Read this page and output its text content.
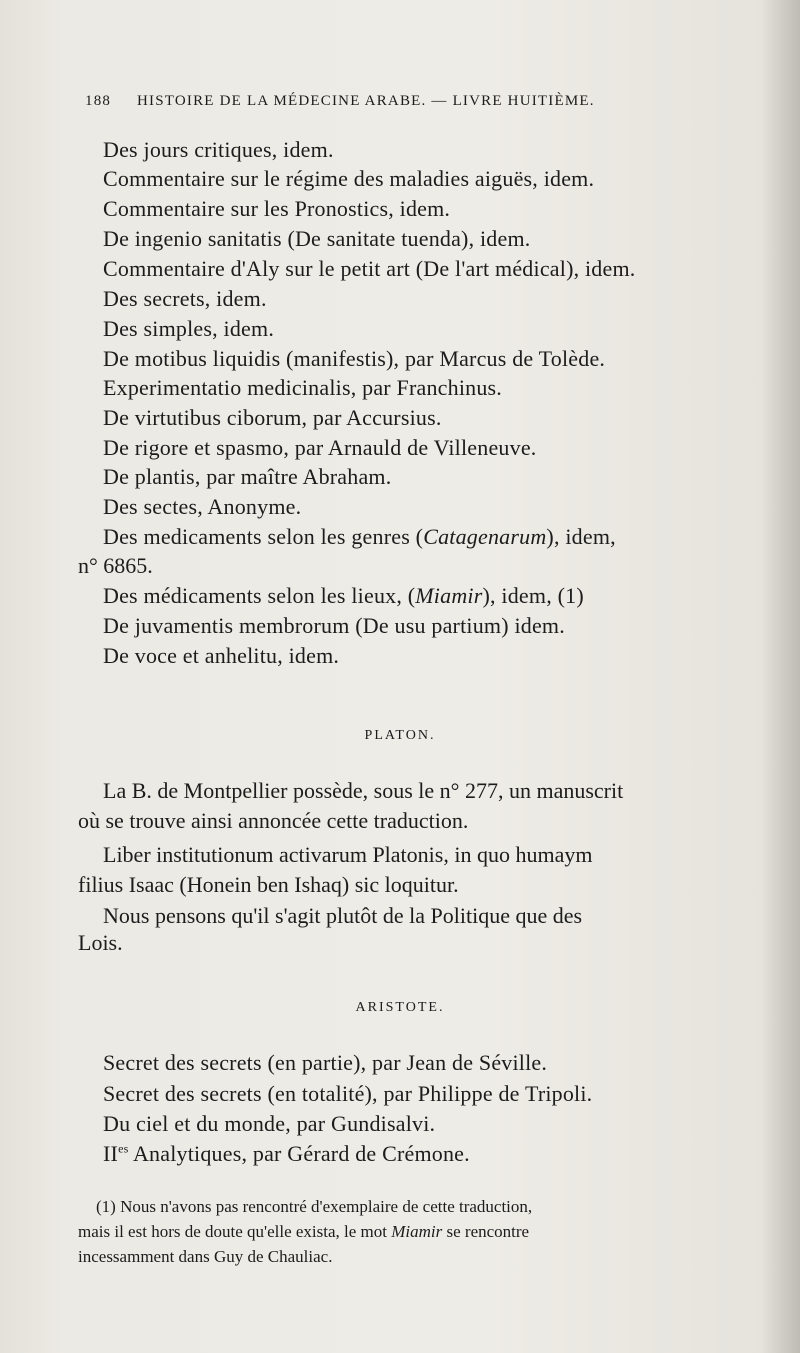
188	HISTOIRE DE LA MÉDECINE ARABE. — LIVRE HUITIÈME.
Des jours critiques, idem.
Commentaire sur le régime des maladies aiguës, idem.
Commentaire sur les Pronostics, idem.
De ingenio sanitatis (De sanitate tuenda), idem.
Commentaire d'Aly sur le petit art (De l'art médical), idem.
Des secrets, idem.
Des simples, idem.
De motibus liquidis (manifestis), par Marcus de Tolède.
Experimentatio medicinalis, par Franchinus.
De virtutibus ciborum, par Accursius.
De rigore et spasmo, par Arnauld de Villeneuve.
De plantis, par maître Abraham.
Des sectes, Anonyme.
Des medicaments selon les genres (Catagenarum), idem,
n° 6865.
Des médicaments selon les lieux, (Miamir), idem, (1)
De juvamentis membrorum (De usu partium) idem.
De voce et anhelitu, idem.
PLATON.
La B. de Montpellier possède, sous le n° 277, un manuscrit
où se trouve ainsi annoncée cette traduction.
Liber institutionum activarum Platonis, in quo humaym
filius Isaac (Honein ben Ishaq) sic loquitur.
Nous pensons qu'il s'agit plutôt de la Politique que des
Lois.
ARISTOTE.
Secret des secrets (en partie), par Jean de Séville.
Secret des secrets (en totalité), par Philippe de Tripoli.
Du ciel et du monde, par Gundisalvi.
$II^{es}$ Analytiques, par Gérard de Crémone.
(1) Nous n'avons pas rencontré d'exemplaire de cette traduction,
mais il est hors de doute qu'elle exista, le mot Miamir se rencontre
incessamment dans Guy de Chauliac.
